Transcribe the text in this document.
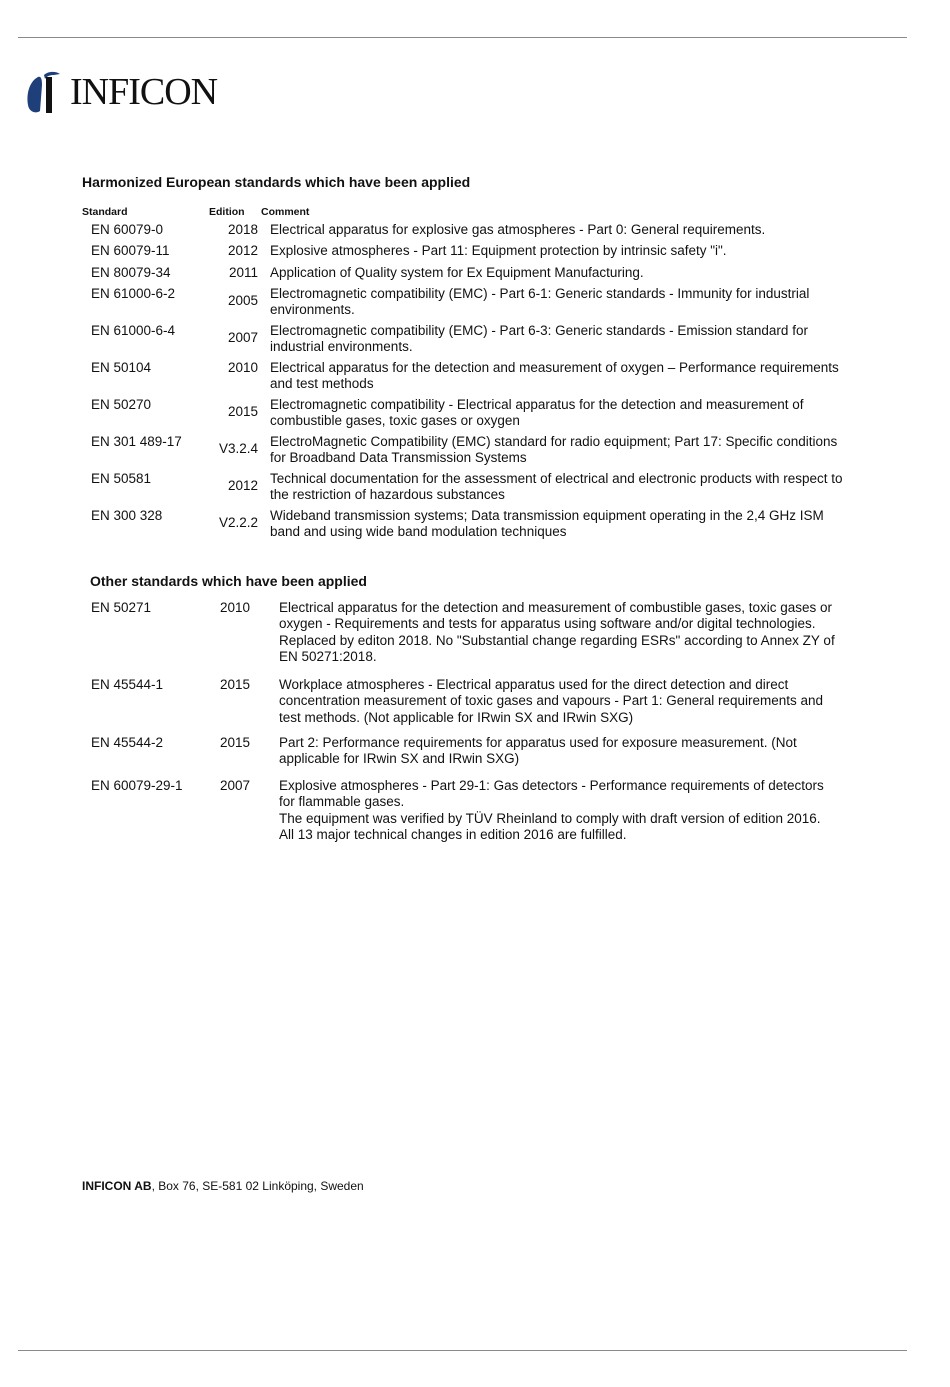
INFICON
Harmonized European standards which have been applied
Standard	Edition Comment
EN 60079-0	2018 Electrical apparatus for explosive gas atmospheres - Part 0: General requirements.
EN 60079-11	2012 Explosive atmospheres - Part 11: Equipment protection by intrinsic safety "i".
EN 80079-34	2011 Application of Quality system for Ex Equipment Manufacturing.
EN 61000-6-2	2005 Electromagnetic compatibility (EMC) - Part 6-1: Generic standards - Immunity for industrial environments.
EN 61000-6-4	2007 Electromagnetic compatibility (EMC) - Part 6-3: Generic standards - Emission standard for industrial environments.
EN 50104	2010 Electrical apparatus for the detection and measurement of oxygen – Performance requirements and test methods
EN 50270	2015 Electromagnetic compatibility - Electrical apparatus for the detection and measurement of combustible gases, toxic gases or oxygen
EN 301 489-17	V3.2.4 ElectroMagnetic Compatibility (EMC) standard for radio equipment; Part 17: Specific conditions for Broadband Data Transmission Systems
EN 50581	2012 Technical documentation for the assessment of electrical and electronic products with respect to the restriction of hazardous substances
EN 300 328	V2.2.2 Wideband transmission systems; Data transmission equipment operating in the 2,4 GHz ISM band and using wide band modulation techniques
Other standards which have been applied
EN 50271	2010 Electrical apparatus for the detection and measurement of combustible gases, toxic gases or oxygen - Requirements and tests for apparatus using software and/or digital technologies. Replaced by editon 2018. No "Substantial change regarding ESRs" according to Annex ZY of EN 50271:2018.
EN 45544-1	2015 Workplace atmospheres - Electrical apparatus used for the direct detection and direct concentration measurement of toxic gases and vapours - Part 1: General requirements and test methods. (Not applicable for IRwin SX and IRwin SXG)
EN 45544-2	2015 Part 2: Performance requirements for apparatus used for exposure measurement. (Not applicable for IRwin SX and IRwin SXG)
EN 60079-29-1	2007 Explosive atmospheres - Part 29-1: Gas detectors - Performance requirements of detectors for flammable gases.
The equipment was verified by TÜV Rheinland to comply with draft version of edition 2016.
All 13 major technical changes in edition 2016 are fulfilled.
INFICON AB, Box 76, SE-581 02 Linköping, Sweden
